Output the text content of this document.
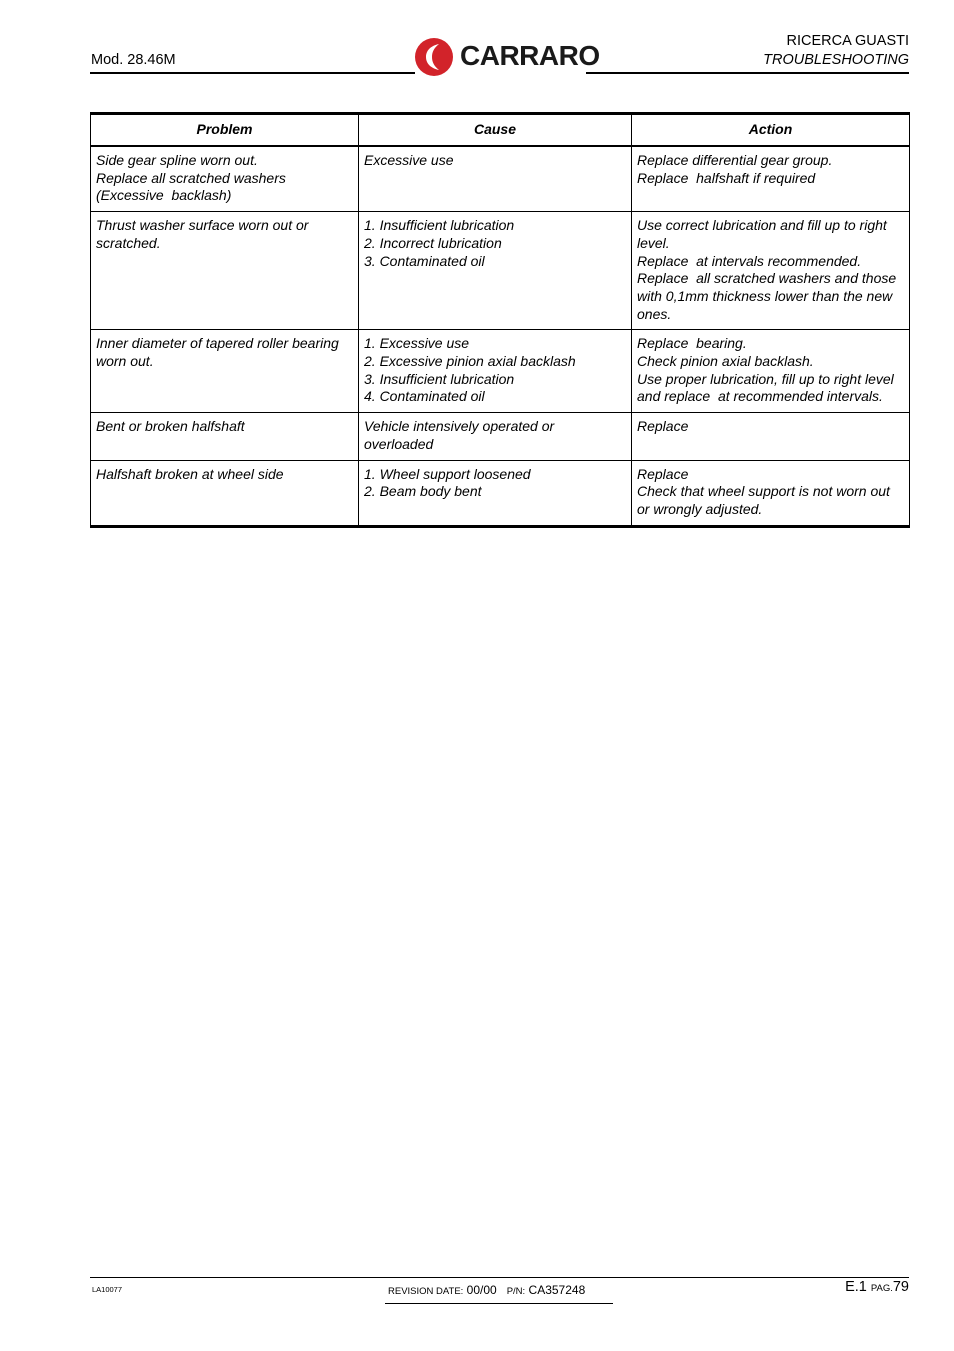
Mod. 28.46M
RICERCA GUASTI
TROUBLESHOOTING
CARRARO
Problem	Cause	Action

Side gear spline worn out.
Replace all scratched washers
(Excessive  backlash)	Excessive use	Replace differential gear group.
Replace  halfshaft if required

Thrust washer surface worn out or scratched.	1. Insufficient lubrication
2. Incorrect lubrication
3. Contaminated oil	Use correct lubrication and fill up to right level.
Replace  at intervals recommended.
Replace  all scratched washers and those with 0,1mm thickness lower than the new ones.

Inner diameter of tapered roller bearing worn out.	1. Excessive use
2. Excessive pinion axial backlash
3. Insufficient lubrication
4. Contaminated oil	Replace  bearing.
Check pinion axial backlash.
Use proper lubrication, fill up to right level and replace  at recommended intervals.

Bent or broken halfshaft	Vehicle intensively operated or overloaded	Replace

Halfshaft broken at wheel side	1. Wheel support loosened
2. Beam body bent	Replace
Check that wheel support is not worn out or wrongly adjusted.
LA10077	REVISION DATE: 00/00 P/N: CA357248	E.1 PAG.79
